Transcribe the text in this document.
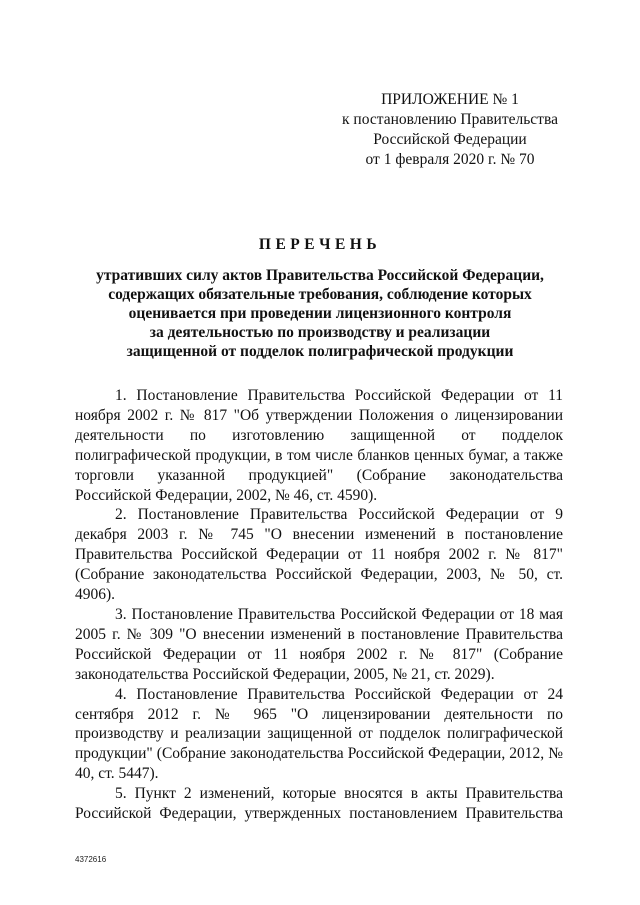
ПРИЛОЖЕНИЕ № 1
к постановлению Правительства
Российской Федерации
от 1 февраля 2020 г. № 70
ПЕРЕЧЕНЬ
утративших силу актов Правительства Российской Федерации,
содержащих обязательные требования, соблюдение которых
оценивается при проведении лицензионного контроля
за деятельностью по производству и реализации
защищенной от подделок полиграфической продукции

1. Постановление Правительства Российской Федерации от 11 ноября 2002 г. № 817 "Об утверждении Положения о лицензировании деятельности по изготовлению защищенной от подделок полиграфической продукции, в том числе бланков ценных бумаг, а также торговли указанной продукцией" (Собрание законодательства Российской Федерации, 2002, № 46, ст. 4590).

2. Постановление Правительства Российской Федерации от 9 декабря 2003 г. № 745 "О внесении изменений в постановление Правительства Российской Федерации от 11 ноября 2002 г. № 817" (Собрание законодательства Российской Федерации, 2003, № 50, ст. 4906).

3. Постановление Правительства Российской Федерации от 18 мая 2005 г. № 309 "О внесении изменений в постановление Правительства Российской Федерации от 11 ноября 2002 г. № 817" (Собрание законодательства Российской Федерации, 2005, № 21, ст. 2029).

4. Постановление Правительства Российской Федерации от 24 сентября 2012 г. № 965 "О лицензировании деятельности по производству и реализации защищенной от подделок полиграфической продукции" (Собрание законодательства Российской Федерации, 2012, № 40, ст. 5447).

5. Пункт 2 изменений, которые вносятся в акты Правительства Российской Федерации, утвержденных постановлением Правительства

4372616
